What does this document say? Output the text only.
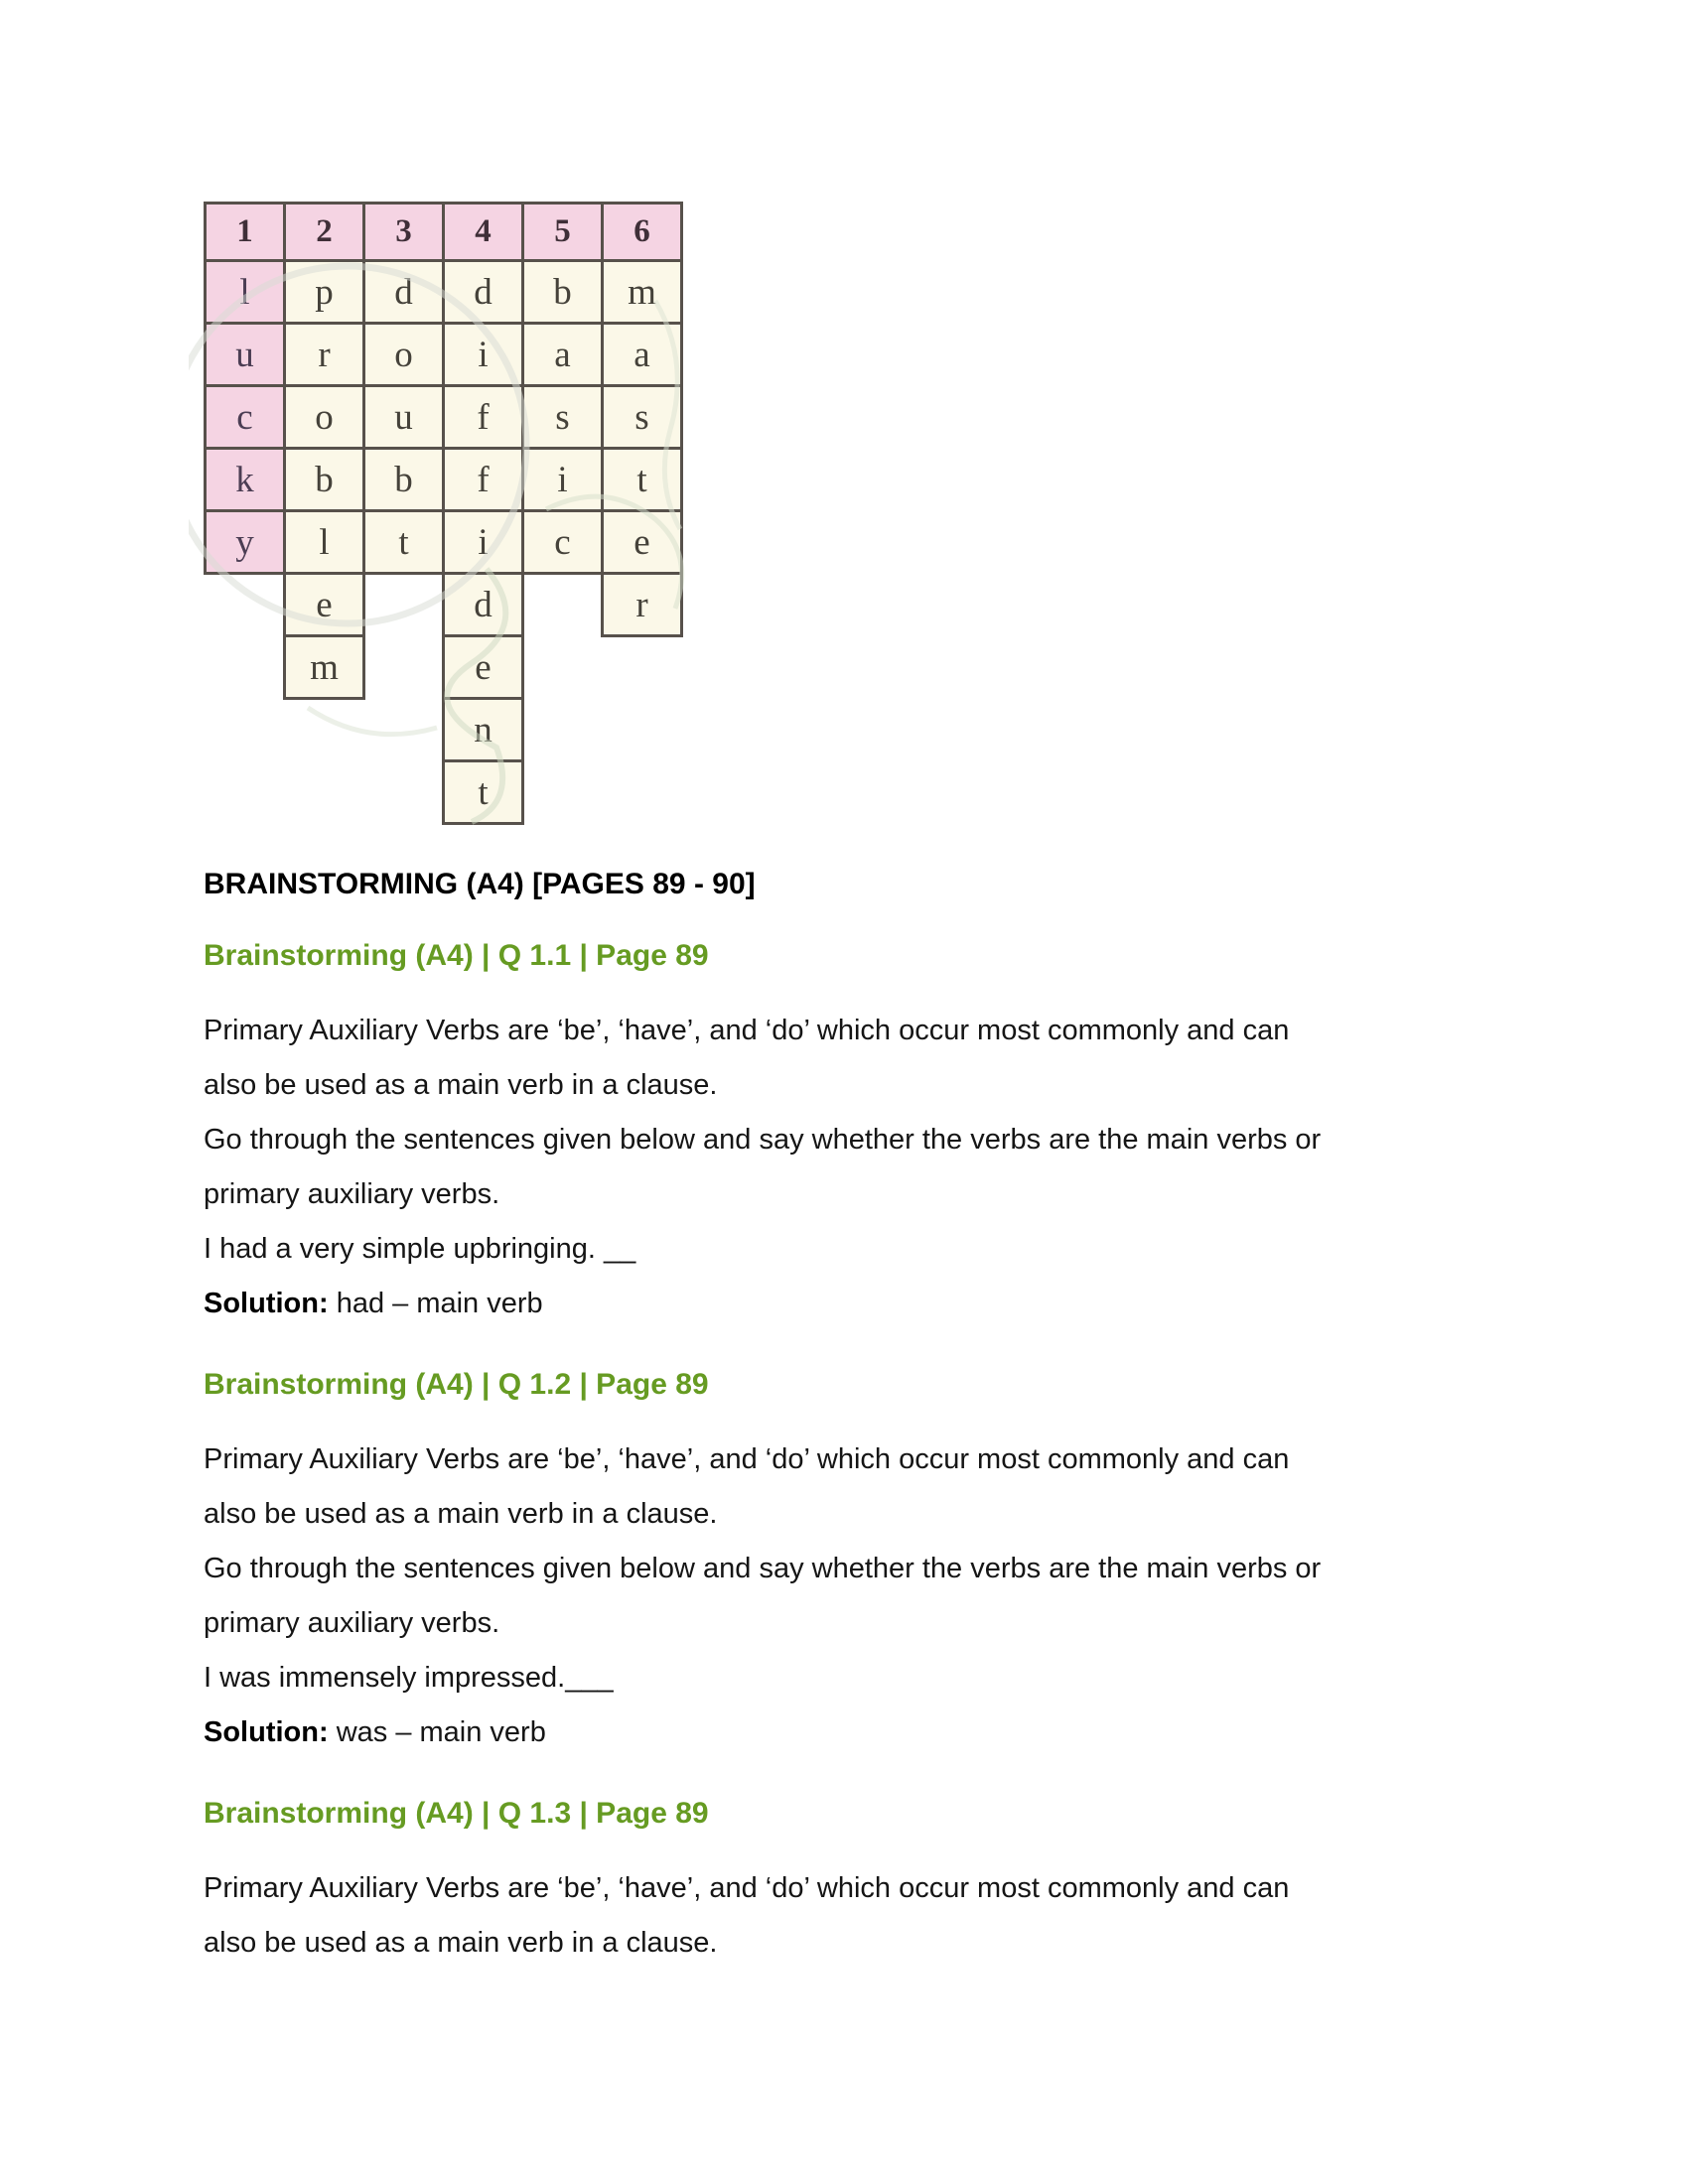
1	2	3	4	5	6
l	p	d	d	b	m
u	r	o	i	a	a
c	o	u	f	s	s
k	b	b	f	i	t
y	l	t	i	c	e
	e		d		r
	m		e		
			n		
			t		
BRAINSTORMING (A4) [PAGES 89 - 90]
Brainstorming (A4) | Q 1.1 | Page 89
Primary Auxiliary Verbs are ‘be’, ‘have’, and ‘do’ which occur most commonly and can
also be used as a main verb in a clause.
Go through the sentences given below and say whether the verbs are the main verbs or
primary auxiliary verbs.
I had a very simple upbringing. __
Solution: had – main verb
Brainstorming (A4) | Q 1.2 | Page 89
Primary Auxiliary Verbs are ‘be’, ‘have’, and ‘do’ which occur most commonly and can
also be used as a main verb in a clause.
Go through the sentences given below and say whether the verbs are the main verbs or
primary auxiliary verbs.
I was immensely impressed.___
Solution: was – main verb
Brainstorming (A4) | Q 1.3 | Page 89
Primary Auxiliary Verbs are ‘be’, ‘have’, and ‘do’ which occur most commonly and can
also be used as a main verb in a clause.
